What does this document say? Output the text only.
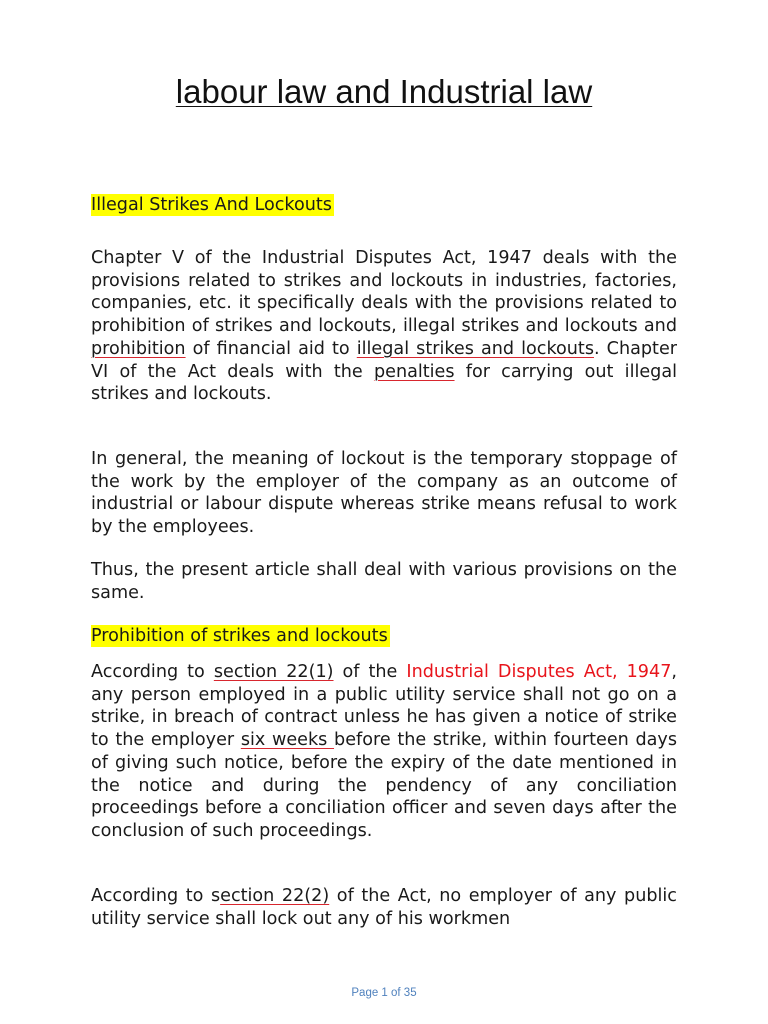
labour law and Industrial law
Illegal Strikes And Lockouts

Chapter V of the Industrial Disputes Act, 1947 deals with the provisions related to strikes and lockouts in industries, factories, companies, etc. it specifically deals with the provisions related to prohibition of strikes and lockouts, illegal strikes and lockouts and prohibition of financial aid to illegal strikes and lockouts. Chapter VI of the Act deals with the penalties for carrying out illegal strikes and lockouts.

In general, the meaning of lockout is the temporary stoppage of the work by the employer of the company as an outcome of industrial or labour dispute whereas strike means refusal to work by the employees.

Thus, the present article shall deal with various provisions on the same.

Prohibition of strikes and lockouts

According to section 22(1) of the Industrial Disputes Act, 1947, any person employed in a public utility service shall not go on a strike, in breach of contract unless he has given a notice of strike to the employer six weeks before the strike, within fourteen days of giving such notice, before the expiry of the date mentioned in the notice and during the pendency of any conciliation proceedings before a conciliation officer and seven days after the conclusion of such proceedings.

According to section 22(2) of the Act, no employer of any public utility service shall lock out any of his workmen

Page 1 of 35
